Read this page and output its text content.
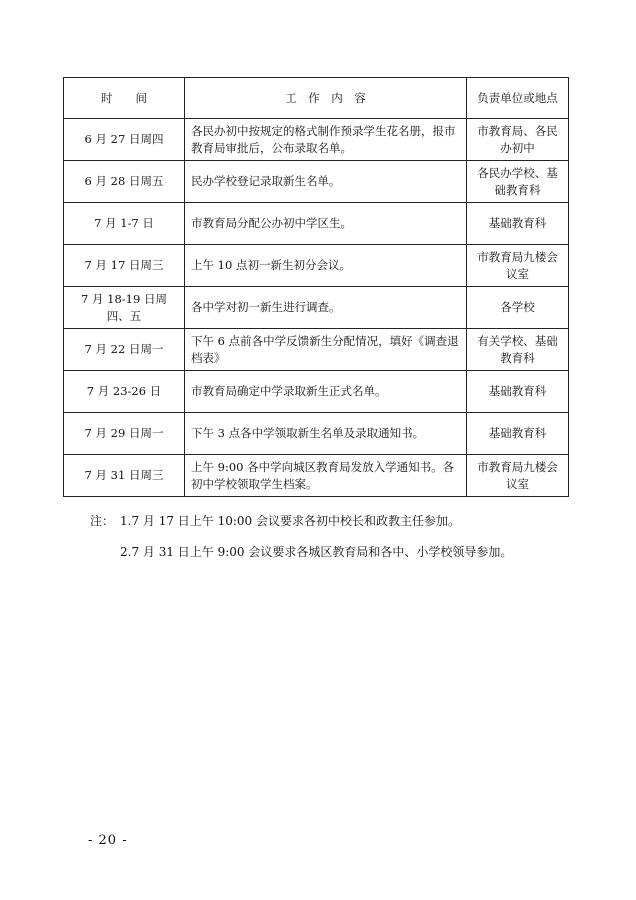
时　　间	工　作　内　容	负责单位或地点
6 月 27 日周四	各民办初中按规定的格式制作预录学生花名册，报市教育局审批后，公布录取名单。	市教育局、各民办初中
6 月 28 日周五	民办学校登记录取新生名单。	各民办学校、基础教育科
7 月 1-7 日	市教育局分配公办初中学区生。	基础教育科
7 月 17 日周三	上午 10 点初一新生初分会议。	市教育局九楼会议室
7 月 18-19 日周四、五	各中学对初一新生进行调查。	各学校
7 月 22 日周一	下午 6 点前各中学反馈新生分配情况，填好《调查退档表》	有关学校、基础教育科
7 月 23-26 日	市教育局确定中学录取新生正式名单。	基础教育科
7 月 29 日周一	下午 3 点各中学领取新生名单及录取通知书。	基础教育科
7 月 31 日周三	上午 9:00 各中学向城区教育局发放入学通知书。各初中学校领取学生档案。	市教育局九楼会议室
注：　1.7 月 17 日上午 10:00 会议要求各初中校长和政教主任参加。
2.7 月 31 日上午 9:00 会议要求各城区教育局和各中、小学校领导参加。
- 20 -
